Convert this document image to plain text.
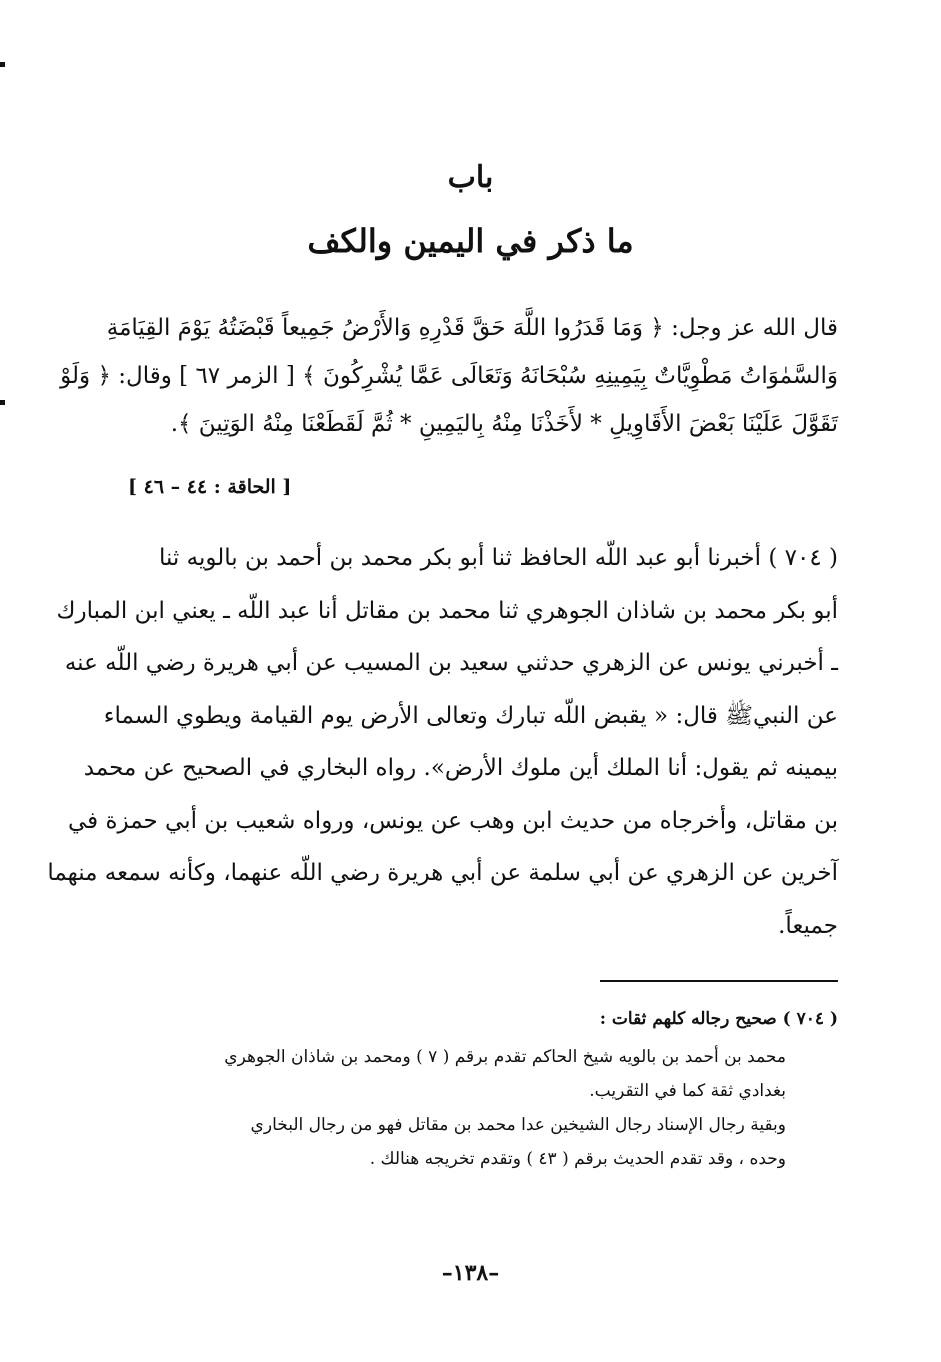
باب
ما ذكر في اليمين والكف
قال الله عز وجل: ﴿ وَمَا قَدَرُوا اللَّهَ حَقَّ قَدْرِهِ وَالأَرْضُ جَمِيعاً قَبْضَتُهُ يَوْمَ القِيَامَةِ
وَالسَّمٰوَاتُ مَطْوِيَّاتٌ بِيَمِينِهِ سُبْحَانَهُ وَتَعَالَى عَمَّا يُشْرِكُونَ ﴾ [ الزمر ٦٧ ] وقال: ﴿ وَلَوْ
تَقَوَّلَ عَلَيْنَا بَعْضَ الأَقَاوِيلِ * لأَخَذْنَا مِنْهُ بِاليَمِينِ * ثُمَّ لَقَطَعْنَا مِنْهُ الوَتِينَ ﴾.
[ الحاقة : ٤٤ – ٤٦ ]
( ٧٠٤ ) أخبرنا أبو عبد اللّه الحافظ ثنا أبو بكر محمد بن أحمد بن بالويه ثنا
أبو بكر محمد بن شاذان الجوهري ثنا محمد بن مقاتل أنا عبد اللّه ـ يعني ابن المبارك
ـ أخبرني يونس عن الزهري حدثني سعيد بن المسيب عن أبي هريرة رضي اللّه عنه
عن النبيﷺ قال: « يقبض اللّه تبارك وتعالى الأرض يوم القيامة ويطوي السماء
بيمينه ثم يقول: أنا الملك أين ملوك الأرض». رواه البخاري في الصحيح عن محمد
بن مقاتل، وأخرجاه من حديث ابن وهب عن يونس، ورواه شعيب بن أبي حمزة في
آخرين عن الزهري عن أبي سلمة عن أبي هريرة رضي اللّه عنهما، وكأنه سمعه منهما
جميعاً.
( ٧٠٤ ) صحيح رجاله كلهم ثقات :
محمد بن أحمد بن بالويه شيخ الحاكم تقدم برقم ( ٧ ) ومحمد بن شاذان الجوهري
بغدادي ثقة كما في التقريب.
وبقية رجال الإسناد رجال الشيخين عدا محمد بن مقاتل فهو من رجال البخاري
وحده ، وقد تقدم الحديث برقم ( ٤٣ ) وتقدم تخريجه هنالك .
–١٣٨–
